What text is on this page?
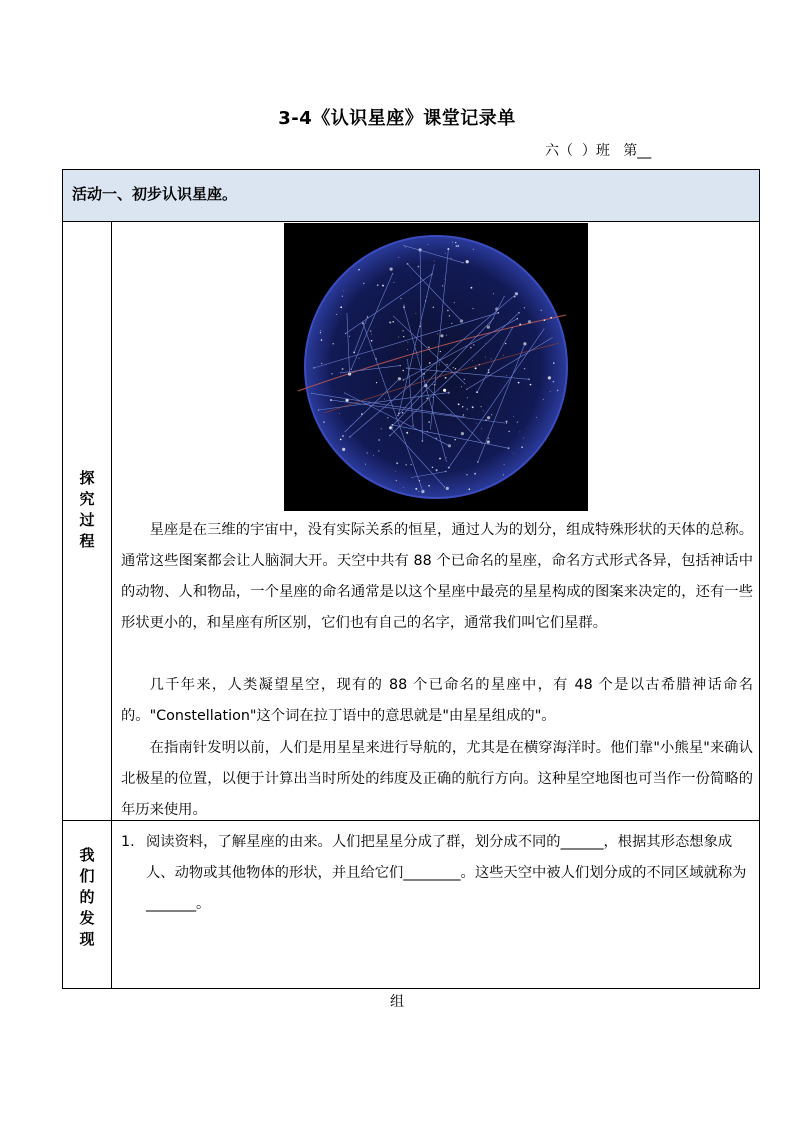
3-4《认识星座》课堂记录单
六（  ）班   第__
活动一、初步认识星座。
探
究
过
程

星座是在三维的宇宙中，没有实际关系的恒星，通过人为的划分，组成特殊形状的天体的总称。通常这些图案都会让人脑洞大开。天空中共有 88 个已命名的星座，命名方式形式各异，包括神话中的动物、人和物品，一个星座的命名通常是以这个星座中最亮的星星构成的图案来决定的，还有一些形状更小的，和星座有所区别，它们也有自己的名字，通常我们叫它们星群。

几千年来，人类凝望星空，现有的 88 个已命名的星座中，有 48 个是以古希腊神话命名的。"Constellation"这个词在拉丁语中的意思就是"由星星组成的"。

在指南针发明以前，人们是用星星来进行导航的，尤其是在横穿海洋时。他们靠"小熊星"来确认北极星的位置，以便于计算出当时所处的纬度及正确的航行方向。这种星空地图也可当作一份简略的年历来使用。

我
们
的
发
现
1. 阅读资料，了解星座的由来。人们把星星分成了群，划分成不同的______，根据其形态想象成人、动物或其他物体的形状，并且给它们________。这些天空中被人们划分成的不同区域就称为_______。
组
